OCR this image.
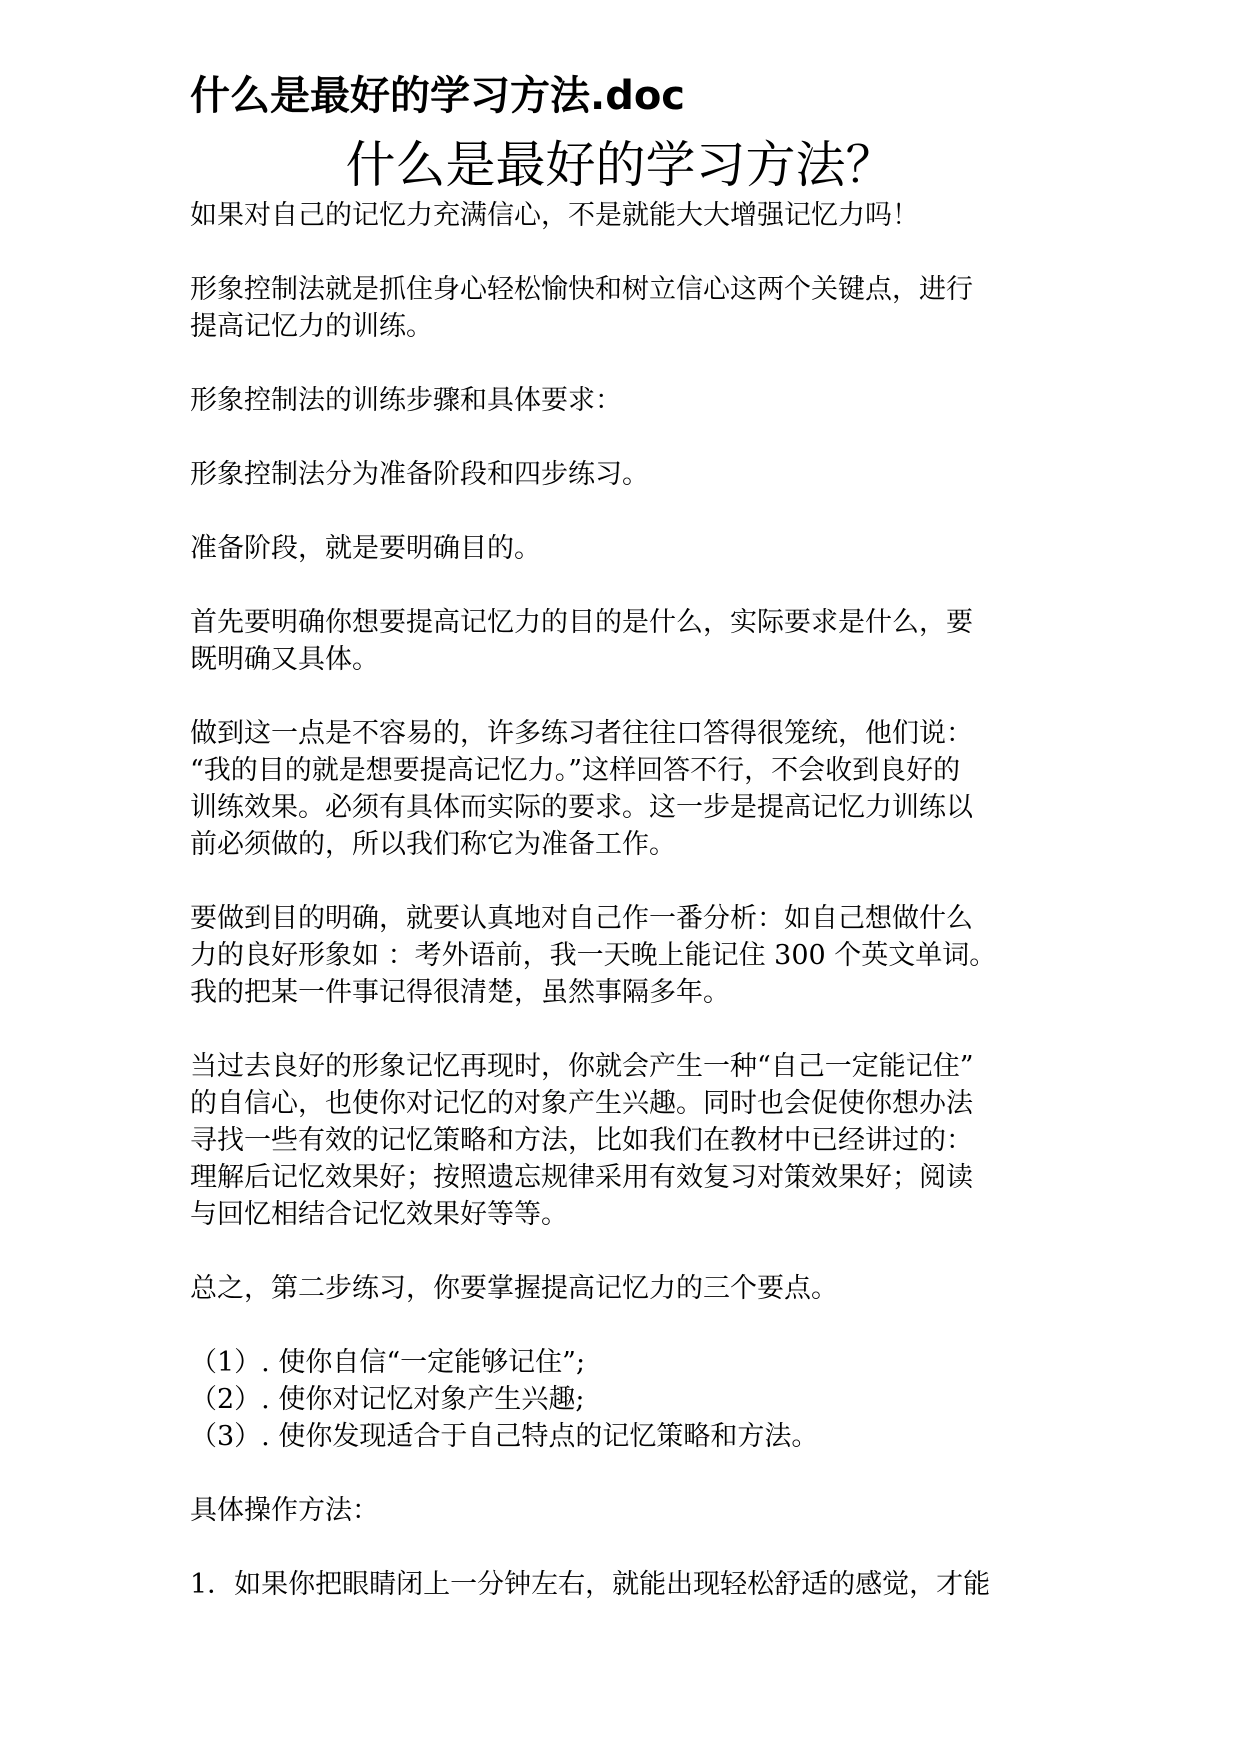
什么是最好的学习方法.doc
什么是最好的学习方法？

如果对自己的记忆力充满信心，不是就能大大增强记忆力吗！

形象控制法就是抓住身心轻松愉快和树立信心这两个关键点，进行
提高记忆力的训练。

形象控制法的训练步骤和具体要求：

形象控制法分为准备阶段和四步练习。

准备阶段，就是要明确目的。

首先要明确你想要提高记忆力的目的是什么，实际要求是什么，要
既明确又具体。

做到这一点是不容易的，许多练习者往往口答得很笼统，他们说：
“我的目的就是想要提高记忆力。”这样回答不行，不会收到良好的
训练效果。必须有具体而实际的要求。这一步是提高记忆力训练以
前必须做的，所以我们称它为准备工作。

要做到目的明确，就要认真地对自己作一番分析：如自己想做什么
力的良好形象如 ：考外语前，我一天晚上能记住 300 个英文单词。
我的把某一件事记得很清楚，虽然事隔多年。

当过去良好的形象记忆再现时，你就会产生一种“自己一定能记住”
的自信心，也使你对记忆的对象产生兴趣。同时也会促使你想办法
寻找一些有效的记忆策略和方法，比如我们在教材中已经讲过的：
理解后记忆效果好；按照遗忘规律采用有效复习对策效果好；阅读
与回忆相结合记忆效果好等等。

总之，第二步练习，你要掌握提高记忆力的三个要点。

（1）. 使你自信“一定能够记住”;
（2）. 使你对记忆对象产生兴趣;
（3）. 使你发现适合于自己特点的记忆策略和方法。

具体操作方法：

1．如果你把眼睛闭上一分钟左右，就能出现轻松舒适的感觉，才能
